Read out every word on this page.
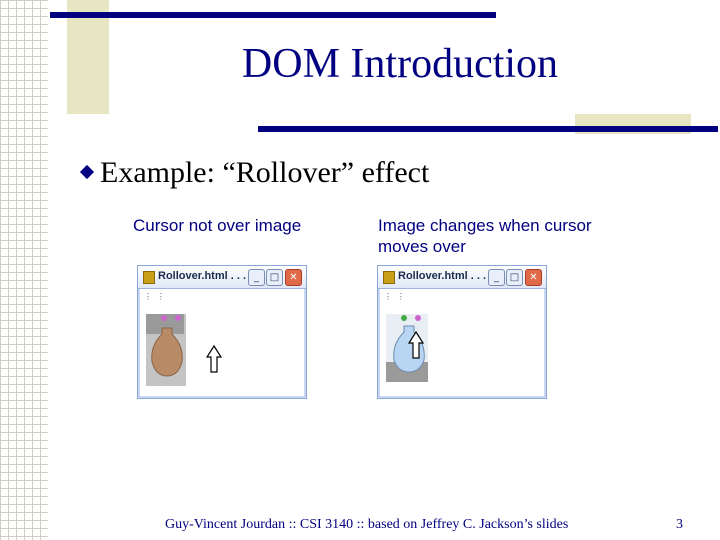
DOM Introduction
Example: “Rollover” effect
Cursor not over image	Image changes when cursor
moves over
Rollover.html . . . _	□	✕
⋮ ⋮
Rollover.html . . . _	□	✕
⋮ ⋮
Guy-Vincent Jourdan :: CSI 3140 :: based on Jeffrey C. Jackson’s slides	3
